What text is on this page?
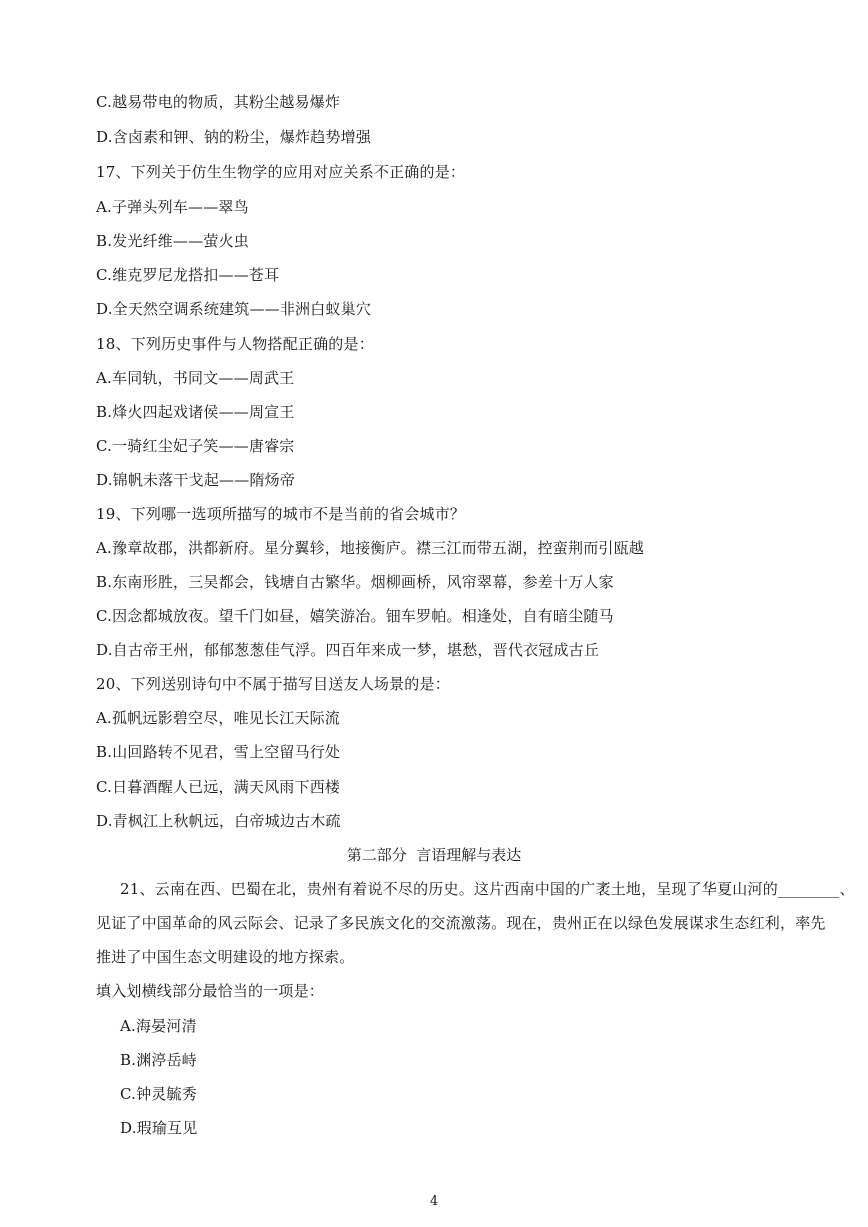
C.越易带电的物质，其粉尘越易爆炸
D.含卤素和钾、钠的粉尘，爆炸趋势增强
17、下列关于仿生生物学的应用对应关系不正确的是：
A.子弹头列车——翠鸟
B.发光纤维——萤火虫
C.维克罗尼龙搭扣——苍耳
D.全天然空调系统建筑——非洲白蚁巢穴
18、下列历史事件与人物搭配正确的是：
A.车同轨，书同文——周武王
B.烽火四起戏诸侯——周宣王
C.一骑红尘妃子笑——唐睿宗
D.锦帆未落干戈起——隋炀帝
19、下列哪一选项所描写的城市不是当前的省会城市？
A.豫章故郡，洪都新府。星分翼轸，地接衡庐。襟三江而带五湖，控蛮荆而引瓯越
B.东南形胜，三吴都会，钱塘自古繁华。烟柳画桥，风帘翠幕，参差十万人家
C.因念都城放夜。望千门如昼，嬉笑游冶。钿车罗帕。相逢处，自有暗尘随马
D.自古帝王州，郁郁葱葱佳气浮。四百年来成一梦，堪愁，晋代衣冠成古丘
20、下列送别诗句中不属于描写目送友人场景的是：
A.孤帆远影碧空尽，唯见长江天际流
B.山回路转不见君，雪上空留马行处
C.日暮酒醒人已远，满天风雨下西楼
D.青枫江上秋帆远，白帝城边古木疏
第二部分  言语理解与表达
21、云南在西、巴蜀在北，贵州有着说不尽的历史。这片西南中国的广袤土地，呈现了华夏山河的________、
见证了中国革命的风云际会、记录了多民族文化的交流激荡。现在，贵州正在以绿色发展谋求生态红利，率先
推进了中国生态文明建设的地方探索。
填入划横线部分最恰当的一项是：
A.海晏河清
B.渊渟岳峙
C.钟灵毓秀
D.瑕瑜互见
4
